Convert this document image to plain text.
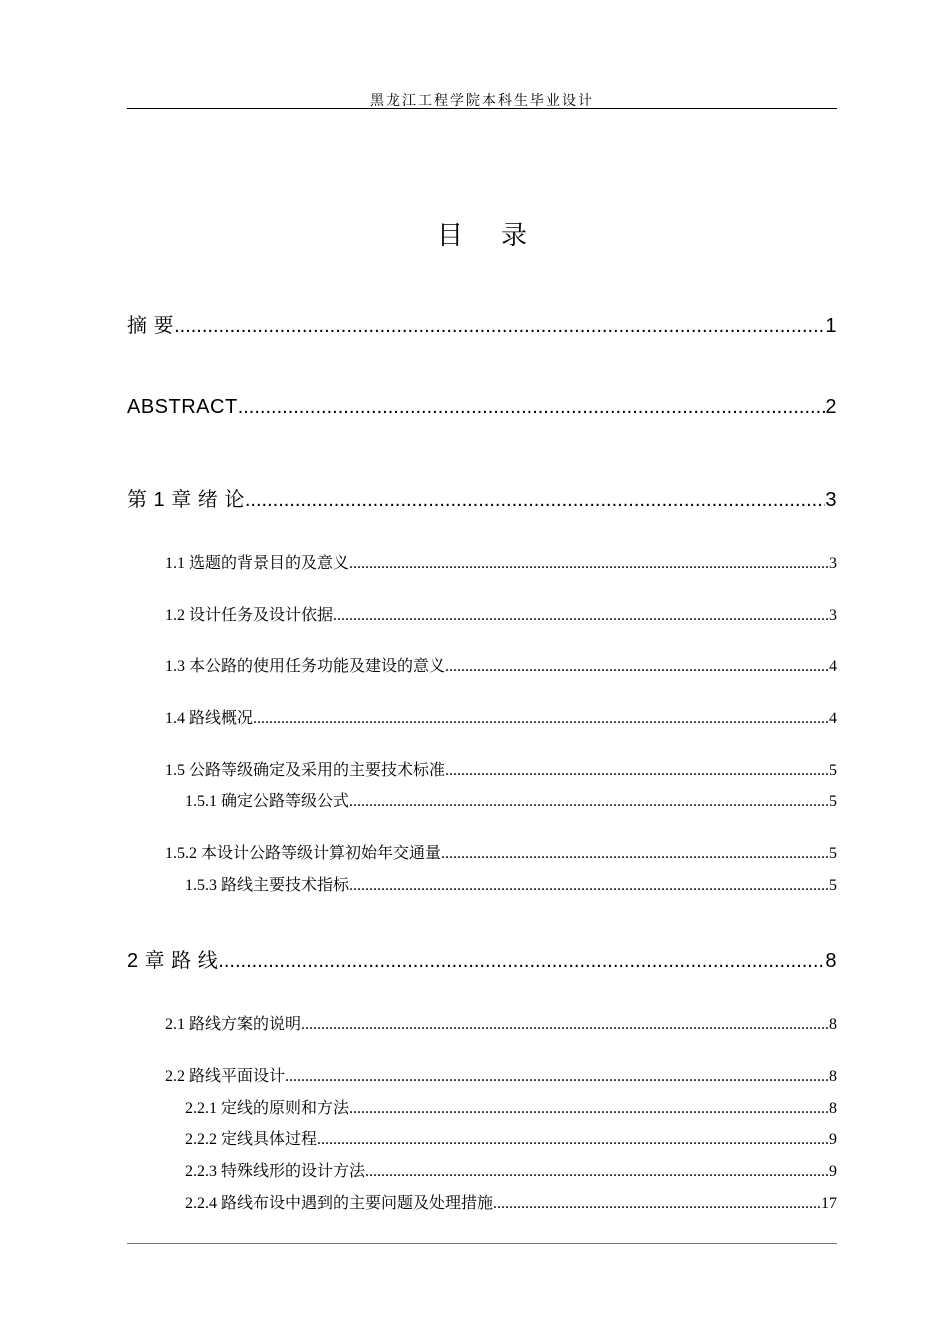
黑龙江工程学院本科生毕业设计
目录
摘 要 .....	1
ABSTRACT .....	2
第 1 章 绪 论 .....	3
1.1 选题的背景目的及意义 .....	3
1.2 设计任务及设计依据 .....	3
1.3 本公路的使用任务功能及建设的意义 .....	4
1.4 路线概况 .....	4
1.5 公路等级确定及采用的主要技术标准 .....	5
1.5.1 确定公路等级公式 .....	5
1.5.2 本设计公路等级计算初始年交通量 .....	5
1.5.3 路线主要技术指标 .....	5
2 章 路 线 .....	8
2.1 路线方案的说明 .....	8
2.2 路线平面设计 .....	8
2.2.1 定线的原则和方法 .....	8
2.2.2 定线具体过程 .....	9
2.2.3 特殊线形的设计方法 .....	9
2.2.4 路线布设中遇到的主要问题及处理措施 .....	17
